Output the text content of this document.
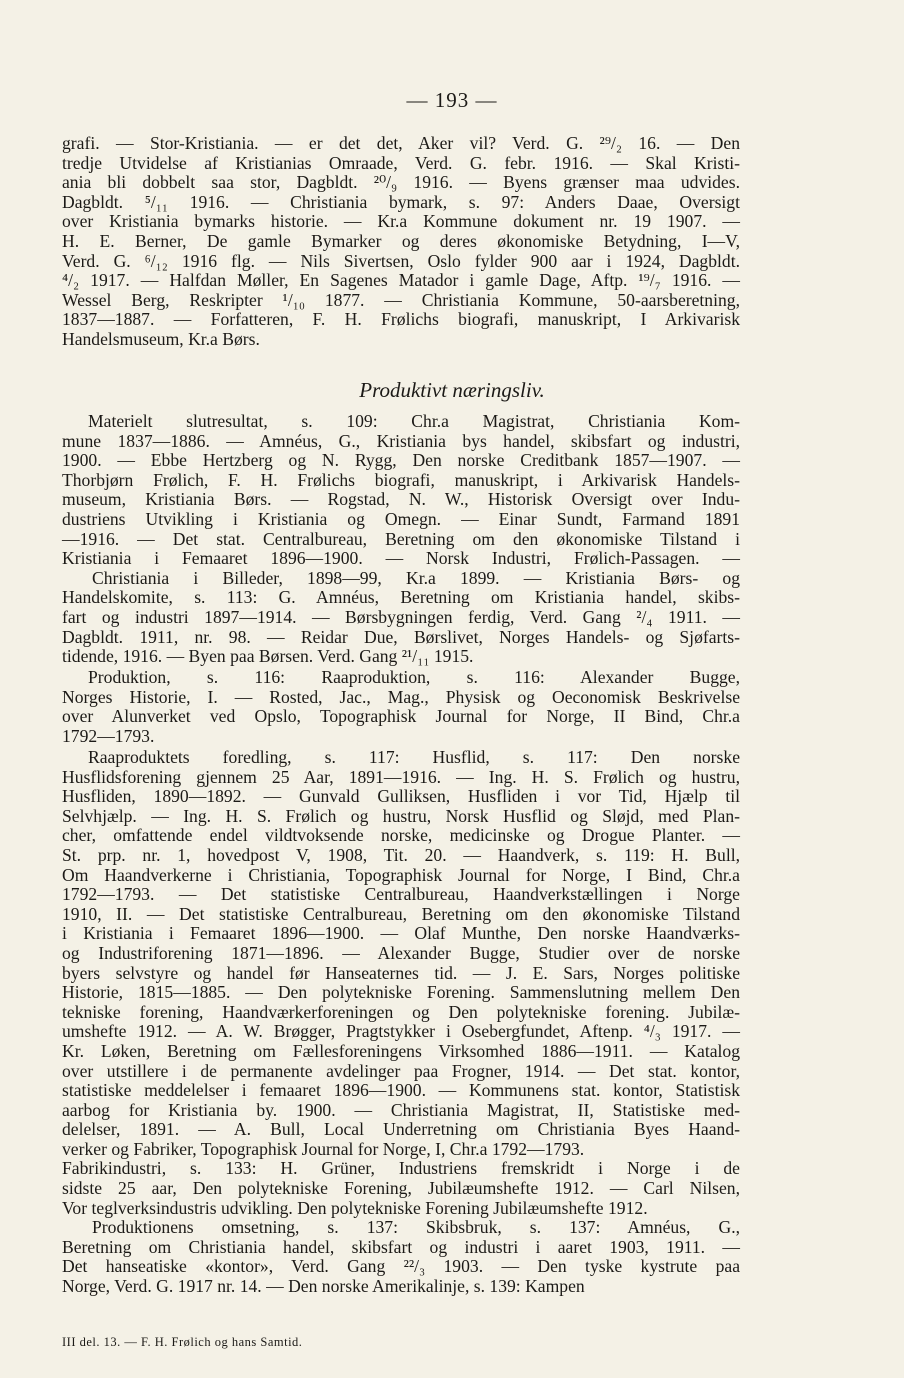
— 193 —
grafi. — Stor-Kristiania. — er det det, Aker vil? Verd. G. ²⁹/₂ 16. — Den
tredje Utvidelse af Kristianias Omraade, Verd. G. febr. 1916. — Skal Kristi-
ania bli dobbelt saa stor, Dagbldt. ²⁰/₉ 1916. — Byens grænser maa udvides.
Dagbldt. ⁵/₁₁ 1916. — Christiania bymark, s. 97: Anders Daae, Oversigt
over Kristiania bymarks historie. — Kr.a Kommune dokument nr. 19 1907. —
H. E. Berner, De gamle Bymarker og deres økonomiske Betydning, I—V,
Verd. G. ⁶/₁₂ 1916 flg. — Nils Sivertsen, Oslo fylder 900 aar i 1924, Dagbldt.
⁴/₂ 1917. — Halfdan Møller, En Sagenes Matador i gamle Dage, Aftp. ¹⁹/₇ 1916. —
Wessel Berg, Reskripter ¹/₁₀ 1877. — Christiania Kommune, 50-aarsberetning,
1837—1887. — Forfatteren, F. H. Frølichs biografi, manuskript, I Arkivarisk
Handelsmuseum, Kr.a Børs.
Produktivt næringsliv.
Materielt slutresultat, s. 109: Chr.a Magistrat, Christiania Kom-
mune 1837—1886. — Amnéus, G., Kristiania bys handel, skibsfart og industri,
1900. — Ebbe Hertzberg og N. Rygg, Den norske Creditbank 1857—1907. —
Thorbjørn Frølich, F. H. Frølichs biografi, manuskript, i Arkivarisk Handels-
museum, Kristiania Børs. — Rogstad, N. W., Historisk Oversigt over Indu-
dustriens Utvikling i Kristiania og Omegn. — Einar Sundt, Farmand 1891
—1916. — Det stat. Centralbureau, Beretning om den økonomiske Tilstand i
Kristiania i Femaaret 1896—1900. — Norsk Industri, Frølich-Passagen. —
Christiania i Billeder, 1898—99, Kr.a 1899. — Kristiania Børs- og
Handelskomite, s. 113: G. Amnéus, Beretning om Kristiania handel, skibs-
fart og industri 1897—1914. — Børsbygningen ferdig, Verd. Gang ²/₄ 1911. —
Dagbldt. 1911, nr. 98. — Reidar Due, Børslivet, Norges Handels- og Sjøfarts-
tidende, 1916. — Byen paa Børsen. Verd. Gang ²¹/₁₁ 1915.
Produktion, s. 116: Raaproduktion, s. 116: Alexander Bugge,
Norges Historie, I. — Rosted, Jac., Mag., Physisk og Oeconomisk Beskrivelse
over Alunverket ved Opslo, Topographisk Journal for Norge, II Bind, Chr.a
1792—1793.
Raaproduktets foredling, s. 117: Husflid, s. 117: Den norske
Husflidsforening gjennem 25 Aar, 1891—1916. — Ing. H. S. Frølich og hustru,
Husfliden, 1890—1892. — Gunvald Gulliksen, Husfliden i vor Tid, Hjælp til
Selvhjælp. — Ing. H. S. Frølich og hustru, Norsk Husflid og Sløjd, med Plan-
cher, omfattende endel vildtvoksende norske, medicinske og Drogue Planter. —
St. prp. nr. 1, hovedpost V, 1908, Tit. 20. — Haandverk, s. 119: H. Bull,
Om Haandverkerne i Christiania, Topographisk Journal for Norge, I Bind, Chr.a
1792—1793. — Det statistiske Centralbureau, Haandverkstællingen i Norge
1910, II. — Det statistiske Centralbureau, Beretning om den økonomiske Tilstand
i Kristiania i Femaaret 1896—1900. — Olaf Munthe, Den norske Haandværks-
og Industriforening 1871—1896. — Alexander Bugge, Studier over de norske
byers selvstyre og handel før Hanseaternes tid. — J. E. Sars, Norges politiske
Historie, 1815—1885. — Den polytekniske Forening. Sammenslutning mellem Den
tekniske forening, Haandværkerforeningen og Den polytekniske forening. Jubilæ-
umshefte 1912. — A. W. Brøgger, Pragtstykker i Osebergfundet, Aftenp. ⁴/₃ 1917. —
Kr. Løken, Beretning om Fællesforeningens Virksomhed 1886—1911. — Katalog
over utstillere i de permanente avdelinger paa Frogner, 1914. — Det stat. kontor,
statistiske meddelelser i femaaret 1896—1900. — Kommunens stat. kontor, Statistisk
aarbog for Kristiania by. 1900. — Christiania Magistrat, II, Statistiske med-
delelser, 1891. — A. Bull, Local Underretning om Christiania Byes Haand-
verker og Fabriker, Topographisk Journal for Norge, I, Chr.a 1792—1793.
Fabrikindustri, s. 133: H. Grüner, Industriens fremskridt i Norge i de
sidste 25 aar, Den polytekniske Forening, Jubilæumshefte 1912. — Carl Nilsen,
Vor teglverksindustris udvikling. Den polytekniske Forening Jubilæumshefte 1912.
Produktionens omsetning, s. 137: Skibsbruk, s. 137: Amnéus, G.,
Beretning om Christiania handel, skibsfart og industri i aaret 1903, 1911. —
Det hanseatiske «kontor», Verd. Gang ²²/₃ 1903. — Den tyske kystrute paa
Norge, Verd. G. 1917 nr. 14. — Den norske Amerikalinje, s. 139: Kampen
III del. 13. — F. H. Frølich og hans Samtid.
